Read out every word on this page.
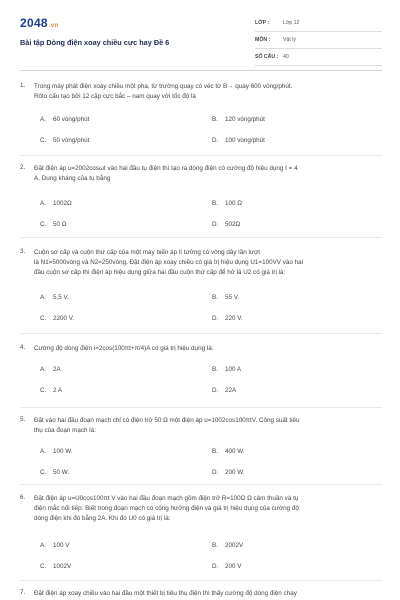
2048.vn
Bài tập Dòng điện xoay chiều cực hay Đề 6
LỚP :	Lớp 12
MÔN : Vật lý
SỐ CÂU : 40
1. Trong máy phát điện xoay chiều một pha, từ trường quay có véc tơ B→ quay 600 vòng/phút.
Rôto cấu tạo bởi 12 cặp cực bắc – nam quay với tốc độ là
A. 60 vòng/phút	B. 120 vòng/phút
C. 50 vòng/phút	D. 100 vòng/phút
2. Đặt điện áp u=2002cosωt vào hai đầu tụ điện thì tạo ra dòng điện có cường độ hiệu dụng I = 4
A. Dung kháng của tụ bằng
A. 1002Ω	B. 100 Ω
C. 50 Ω	D. 502Ω
3. Cuộn sơ cấp và cuộn thứ cấp của một máy biến áp lí tưởng có vòng dây lần lượt
là N1=5000vòng và N2=250vòng. Đặt điện áp xoay chiều có giá trị hiệu dụng U1=100VV vào hai
đầu cuộn sơ cấp thì điện áp hiệu dụng giữa hai đầu cuộn thứ cấp để hở là U2 có giá trị là:
A. 5,5 V.	B. 55 V.
C. 2200 V.	D. 220 V.
4. Cường độ dòng điện i=2cos(100πt+π/4)A có giá trị hiệu dụng là:
A. 2A	B. 100 A
C. 2 A	D. 22A
5. Đặt vào hai đầu đoạn mạch chỉ có điện trở 50 Ω một điện áp u=1002cos100πtV. Công suất tiêu
thụ của đoạn mạch là:
A. 100 W.	B. 400 W.
C. 50 W.	D. 200 W.
6. Đặt điện áp u=U0cos100πt V vào hai đầu đoạn mạch gồm điện trở R=100Ω Ω cảm thuần và tụ
điện mắc nối tiếp. Biết trong đoạn mạch có cộng hưởng điện và giá trị hiệu dụng của cường độ
dòng điện khi đó bằng 2A. Khi đó U0 có giá trị là:
A. 100 V	B. 2002V
C. 1002V	D. 200 V
7. Đặt điện áp xoay chiều vào hai đầu một thiết bị tiêu thụ điện thì thấy cường độ dòng điện chạy
